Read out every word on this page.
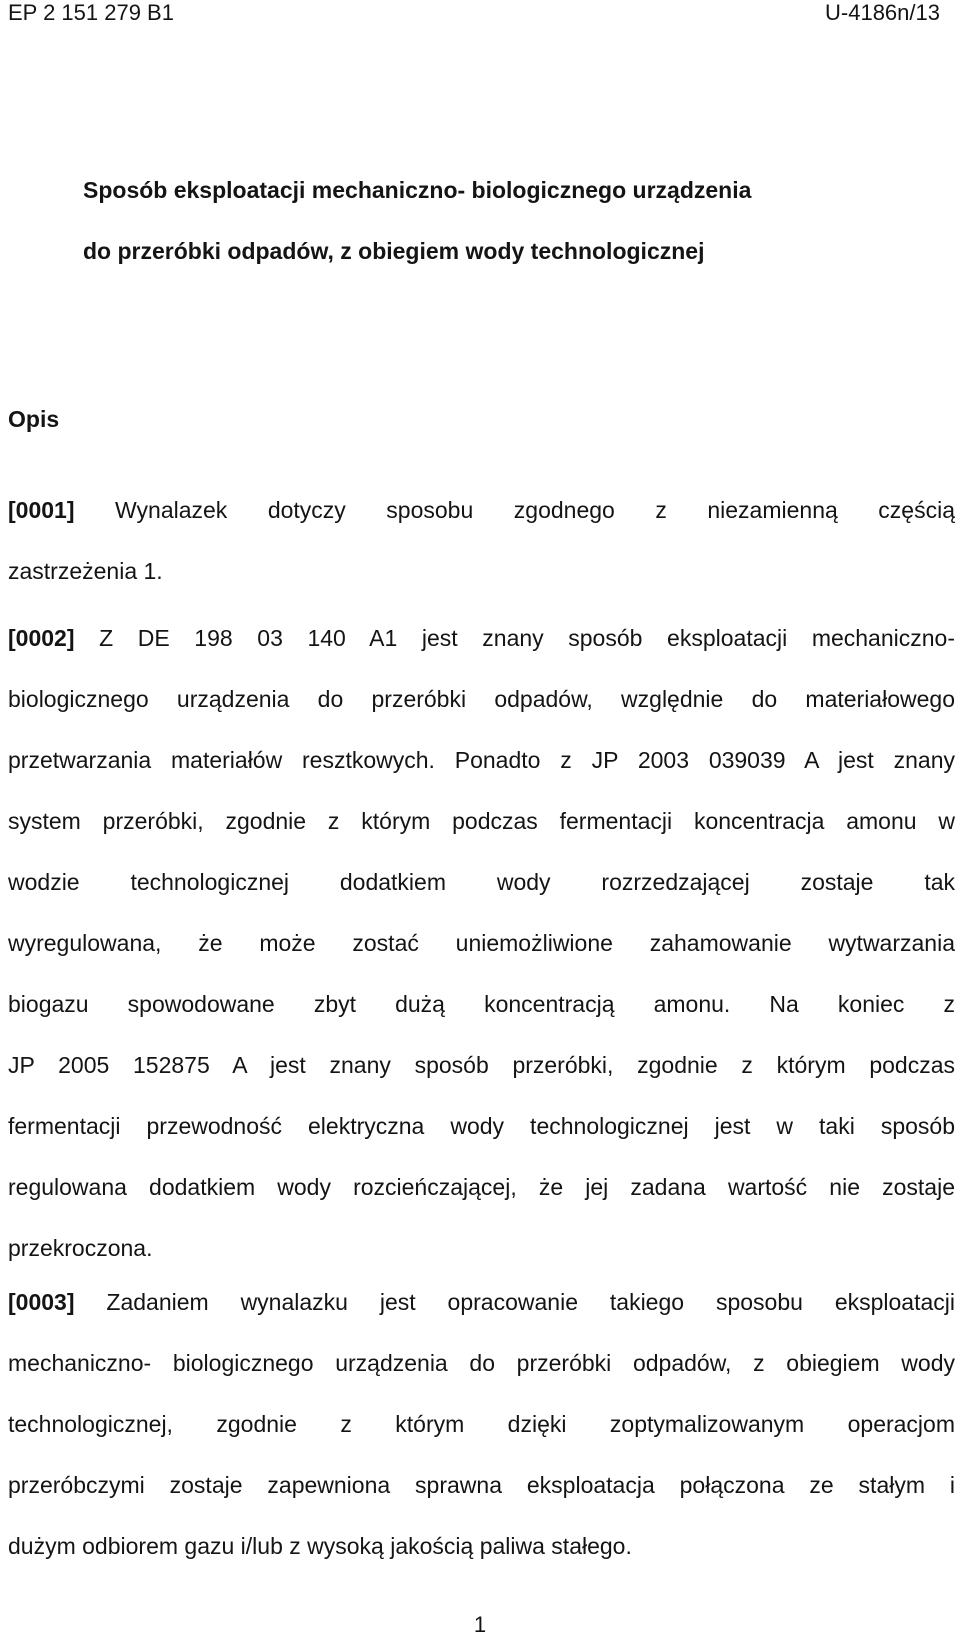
EP 2 151 279 B1	U-4186n/13
Sposób eksploatacji mechaniczno- biologicznego urządzenia
do przeróbki odpadów, z obiegiem wody technologicznej
Opis
[0001] Wynalazek dotyczy sposobu zgodnego z niezamienną częścią
zastrzeżenia 1.
[0002] Z DE 198 03 140 A1 jest znany sposób eksploatacji mechaniczno-
biologicznego urządzenia do przeróbki odpadów, względnie do materiałowego
przetwarzania materiałów resztkowych. Ponadto z JP 2003 039039 A jest znany
system przeróbki, zgodnie z którym podczas fermentacji koncentracja amonu w
wodzie technologicznej dodatkiem wody rozrzedzającej zostaje tak
wyregulowana, że może zostać uniemożliwione zahamowanie wytwarzania
biogazu spowodowane zbyt dużą koncentracją amonu. Na koniec z
JP 2005 152875 A jest znany sposób przeróbki, zgodnie z którym podczas
fermentacji przewodność elektryczna wody technologicznej jest w taki sposób
regulowana dodatkiem wody rozcieńczającej, że jej zadana wartość nie zostaje
przekroczona.
[0003] Zadaniem wynalazku jest opracowanie takiego sposobu eksploatacji
mechaniczno- biologicznego urządzenia do przeróbki odpadów, z obiegiem wody
technologicznej, zgodnie z którym dzięki zoptymalizowanym operacjom
przeróbczymi zostaje zapewniona sprawna eksploatacja połączona ze stałym i
dużym odbiorem gazu i/lub z wysoką jakością paliwa stałego.
1
